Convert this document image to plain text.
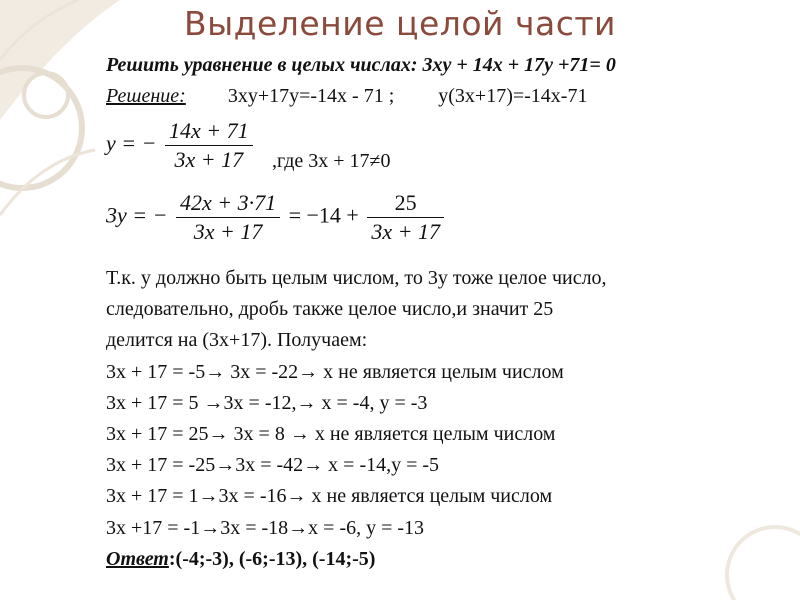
Выделение целой части
Решить уравнение в целых числах: 3xy + 14x + 17y +71= 0
Решение: 3xy+17y=-14x - 71 ; y(3x+17)=-14x-71
y = − $\frac{14x + 71}{3x + 17} ,где$ 3x + 17≠0
3y = − $\frac{42x + 3\cdot 71}{3x + 17} = -14 + \frac{25}{3x + 17}$
Т.к. y должно быть целым числом, то 3y тоже целое число,
следовательно, дробь также целое число,и значит 25
делится на (3x+17). Получаем:
3x + 17 = -5→ 3x = -22→ x не является целым числом
3x + 17 = 5 →3x = -12,→ x = -4, y = -3
3x + 17 = 25→ 3x = 8 → x не является целым числом
3x + 17 = -25→3x = -42→ x = -14,y = -5
3x + 17 = 1→3x = -16→ x не является целым числом
3x +17 = -1→3x = -18→x = -6, y = -13
Ответ:(-4;-3), (-6;-13), (-14;-5)
